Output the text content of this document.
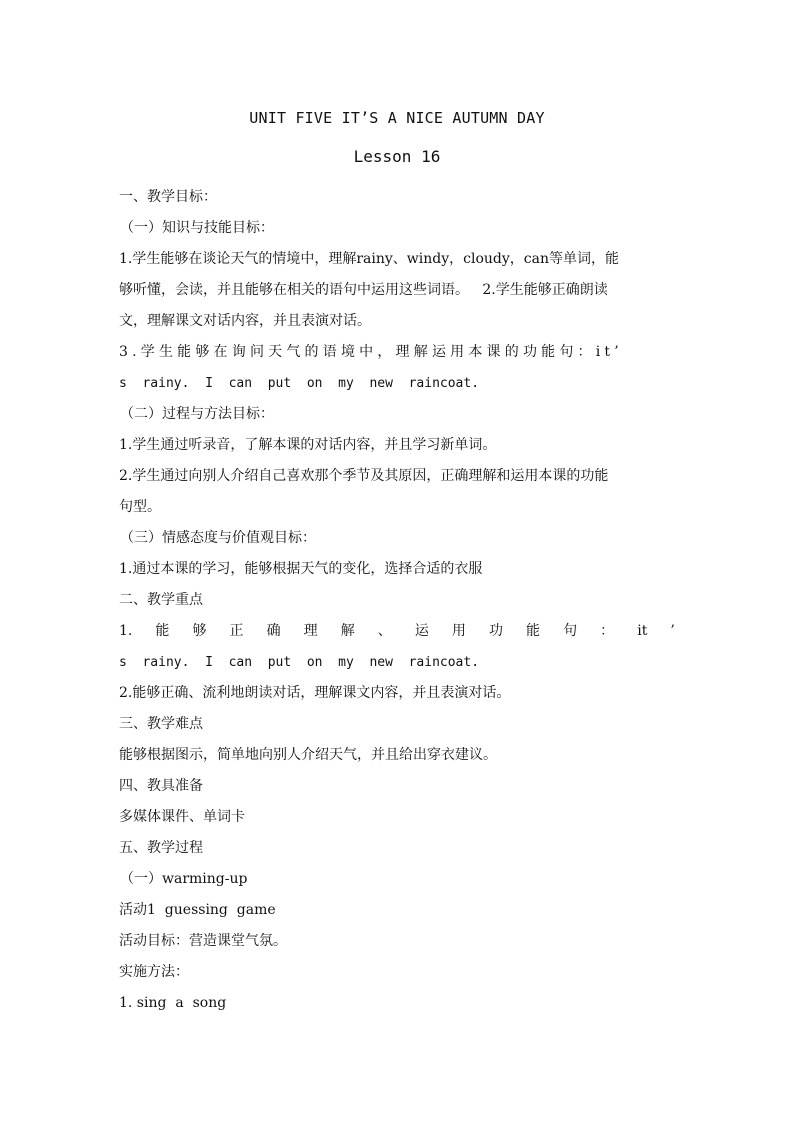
UNIT FIVE IT’S A NICE AUTUMN DAY
Lesson 16
一、教学目标：
（一）知识与技能目标：
1.学生能够在谈论天气的情境中，理解rainy、windy，cloudy，can等单词，能
够听懂，会读，并且能够在相关的语句中运用这些词语。   2.学生能够正确朗读
文，理解课文对话内容，并且表演对话。
3.学生能够在询问天气的语境中，理解运用本课的功能句：it’
s  rainy.  I  can  put  on  my  new  raincoat.
（二）过程与方法目标：
1.学生通过听录音，了解本课的对话内容，并且学习新单词。
2.学生通过向别人介绍自己喜欢那个季节及其原因，正确理解和运用本课的功能
句型。
（三）情感态度与价值观目标：
1.通过本课的学习，能够根据天气的变化，选择合适的衣服
二、教学重点
1. 能 够 正 确 理 解 、 运 用 功 能 句 ： it ’
s  rainy.  I  can  put  on  my  new  raincoat.
2.能够正确、流利地朗读对话，理解课文内容，并且表演对话。
三、教学难点
能够根据图示，简单地向别人介绍天气，并且给出穿衣建议。
四、教具准备
多媒体课件、单词卡
五、教学过程
（一）warming-up
活动1  guessing  game
活动目标：营造课堂气氛。
实施方法：
1. sing  a  song
